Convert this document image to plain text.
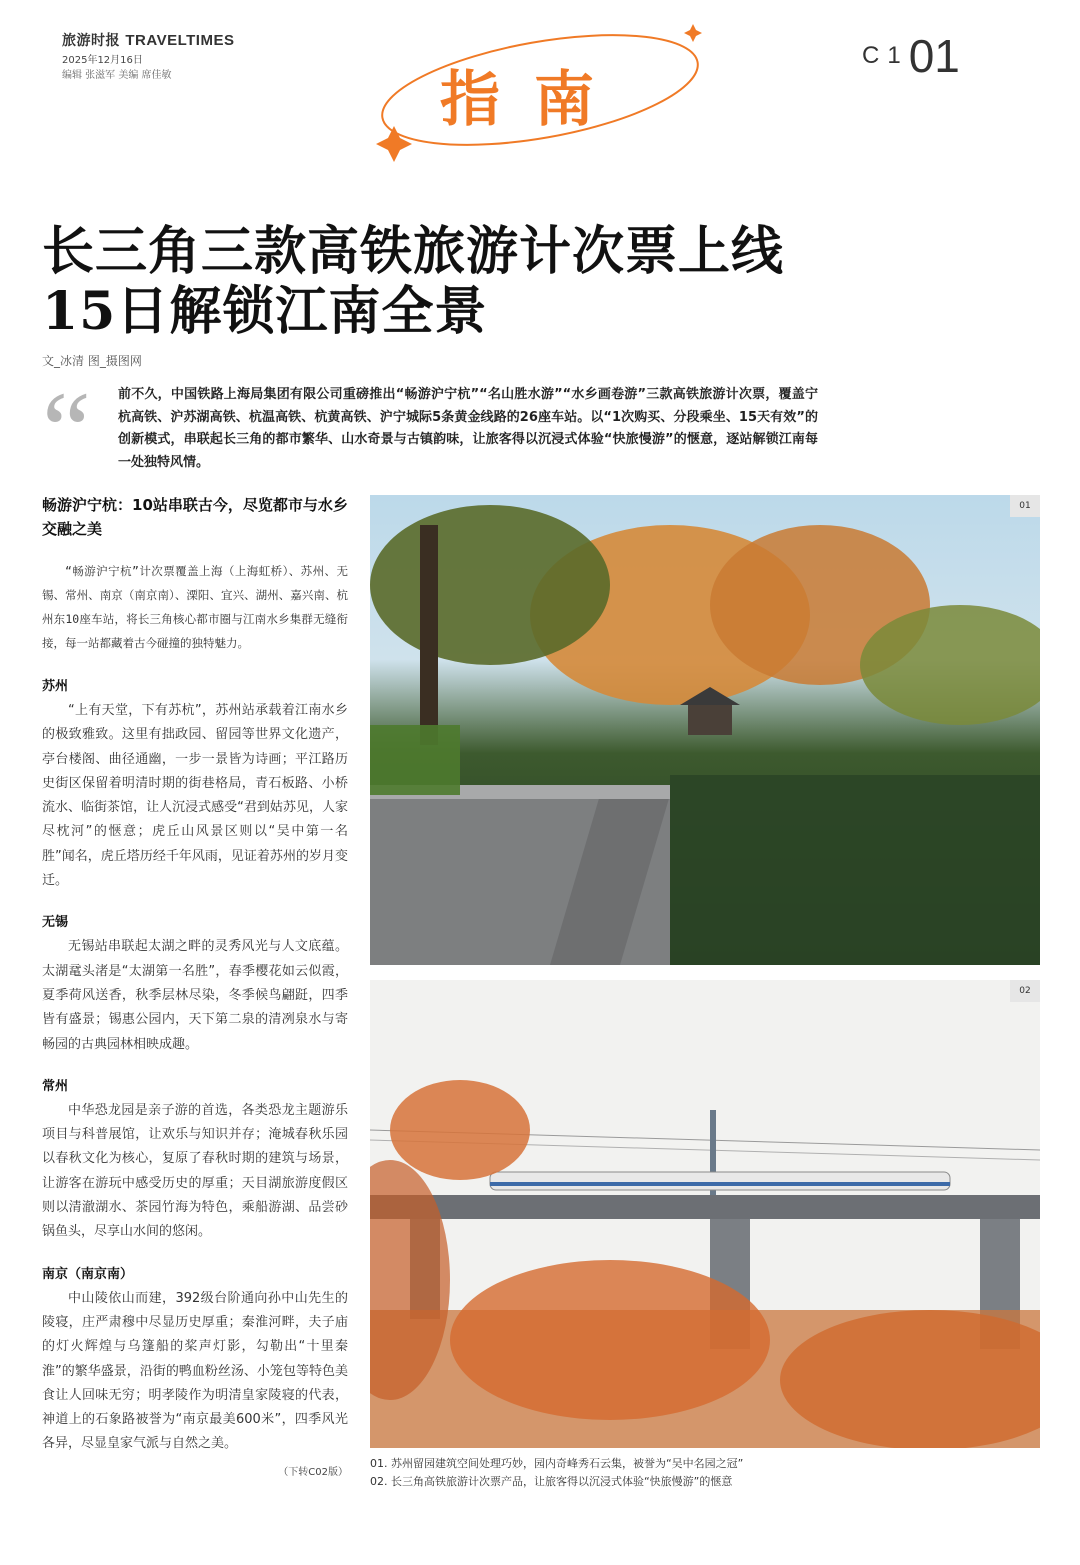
旅游时报 TRAVELTIMES
2025年12月16日
编辑 张滋军 美编 席佳敏	指南
C101
长三角三款高铁旅游计次票上线
15日解锁江南全景
文_冰清 图_摄图网
“ 前不久，中国铁路上海局集团有限公司重磅推出“畅游沪宁杭”“名山胜水游”“水乡画卷游”三款高铁旅游计次票，覆盖宁杭高铁、沪苏湖高铁、杭温高铁、杭黄高铁、沪宁城际5条黄金线路的26座车站。以“1次购买、分段乘坐、15天有效”的创新模式，串联起长三角的都市繁华、山水奇景与古镇韵味，让旅客得以沉浸式体验“快旅慢游”的惬意，逐站解锁江南每一处独特风情。
畅游沪宁杭：10站串联古今，尽览都市与水乡交融之美

“畅游沪宁杭”计次票覆盖上海（上海虹桥）、苏州、无锡、常州、南京（南京南）、溧阳、宜兴、湖州、嘉兴南、杭州东10座车站，将长三角核心都市圈与江南水乡集群无缝衔接，每一站都藏着古今碰撞的独特魅力。

苏州

“上有天堂，下有苏杭”，苏州站承载着江南水乡的极致雅致。这里有拙政园、留园等世界文化遗产，亭台楼阁、曲径通幽，一步一景皆为诗画；平江路历史街区保留着明清时期的街巷格局，青石板路、小桥流水、临街茶馆，让人沉浸式感受“君到姑苏见，人家尽枕河”的惬意；虎丘山风景区则以“吴中第一名胜”闻名，虎丘塔历经千年风雨，见证着苏州的岁月变迁。

无锡

无锡站串联起太湖之畔的灵秀风光与人文底蕴。太湖鼋头渚是“太湖第一名胜”，春季樱花如云似霞，夏季荷风送香，秋季层林尽染，冬季候鸟翩跹，四季皆有盛景；锡惠公园内，天下第二泉的清冽泉水与寄畅园的古典园林相映成趣。

常州

中华恐龙园是亲子游的首选，各类恐龙主题游乐项目与科普展馆，让欢乐与知识并存；淹城春秋乐园以春秋文化为核心，复原了春秋时期的建筑与场景，让游客在游玩中感受历史的厚重；天目湖旅游度假区则以清澈湖水、茶园竹海为特色，乘船游湖、品尝砂锅鱼头，尽享山水间的悠闲。

南京（南京南）

中山陵依山而建，392级台阶通向孙中山先生的陵寝，庄严肃穆中尽显历史厚重；秦淮河畔，夫子庙的灯火辉煌与乌篷船的桨声灯影，勾勒出“十里秦淮”的繁华盛景，沿街的鸭血粉丝汤、小笼包等特色美食让人回味无穷；明孝陵作为明清皇家陵寝的代表，神道上的石象路被誉为“南京最美600米”，四季风光各异，尽显皇家气派与自然之美。

（下转C02版）
01
02
01. 苏州留园建筑空间处理巧妙，园内奇峰秀石云集，被誉为“吴中名园之冠”
02. 长三角高铁旅游计次票产品，让旅客得以沉浸式体验“快旅慢游”的惬意
